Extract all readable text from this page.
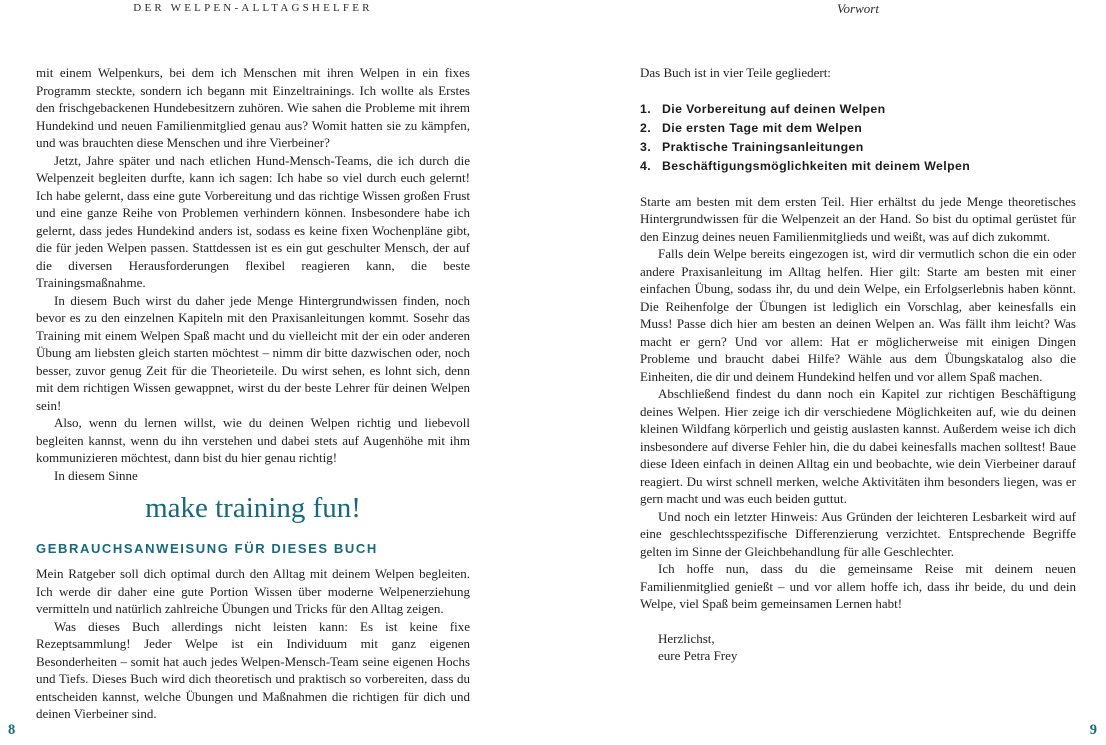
DER WELPEN-ALLTAGSHELFER	Vorwort

mit einem Welpenkurs, bei dem ich Menschen mit ihren Welpen in ein fixes Programm steckte, sondern ich begann mit Einzeltrainings. Ich wollte als Erstes den frischgebackenen Hundebesitzern zuhören. Wie sahen die Probleme mit ihrem Hundekind und neuen Familienmitglied genau aus? Womit hatten sie zu kämpfen, und was brauchten diese Menschen und ihre Vierbeiner?

Jetzt, Jahre später und nach etlichen Hund-Mensch-Teams, die ich durch die Welpenzeit begleiten durfte, kann ich sagen: Ich habe so viel durch euch gelernt! Ich habe gelernt, dass eine gute Vorbereitung und das richtige Wissen großen Frust und eine ganze Reihe von Problemen verhindern können. Insbesondere habe ich gelernt, dass jedes Hundekind anders ist, sodass es keine fixen Wochenpläne gibt, die für jeden Welpen passen. Stattdessen ist es ein gut geschulter Mensch, der auf die diversen Herausforderungen flexibel reagieren kann, die beste Trainingsmaßnahme.

In diesem Buch wirst du daher jede Menge Hintergrundwissen finden, noch bevor es zu den einzelnen Kapiteln mit den Praxisanleitungen kommt. Sosehr das Training mit einem Welpen Spaß macht und du vielleicht mit der ein oder anderen Übung am liebsten gleich starten möchtest – nimm dir bitte dazwischen oder, noch besser, zuvor genug Zeit für die Theorieteile. Du wirst sehen, es lohnt sich, denn mit dem richtigen Wissen gewappnet, wirst du der beste Lehrer für deinen Welpen sein!

Also, wenn du lernen willst, wie du deinen Welpen richtig und liebevoll begleiten kannst, wenn du ihn verstehen und dabei stets auf Augenhöhe mit ihm kommunizieren möchtest, dann bist du hier genau richtig!

In diesem Sinne

make training fun!
GEBRAUCHSANWEISUNG FÜR DIESES BUCH

Mein Ratgeber soll dich optimal durch den Alltag mit deinem Welpen begleiten. Ich werde dir daher eine gute Portion Wissen über moderne Welpenerziehung vermitteln und natürlich zahlreiche Übungen und Tricks für den Alltag zeigen.

Was dieses Buch allerdings nicht leisten kann: Es ist keine fixe Rezeptsammlung! Jeder Welpe ist ein Individuum mit ganz eigenen Besonderheiten – somit hat auch jedes Welpen-Mensch-Team seine eigenen Hochs und Tiefs. Dieses Buch wird dich theoretisch und praktisch so vorbereiten, dass du entscheiden kannst, welche Übungen und Maßnahmen die richtigen für dich und deinen Vierbeiner sind.

Das Buch ist in vier Teile gegliedert:

1. Die Vorbereitung auf deinen Welpen
2. Die ersten Tage mit dem Welpen
3. Praktische Trainingsanleitungen
4. Beschäftigungsmöglichkeiten mit deinem Welpen

Starte am besten mit dem ersten Teil. Hier erhältst du jede Menge theoretisches Hintergrundwissen für die Welpenzeit an der Hand. So bist du optimal gerüstet für den Einzug deines neuen Familienmitglieds und weißt, was auf dich zukommt.

Falls dein Welpe bereits eingezogen ist, wird dir vermutlich schon die ein oder andere Praxisanleitung im Alltag helfen. Hier gilt: Starte am besten mit einer einfachen Übung, sodass ihr, du und dein Welpe, ein Erfolgserlebnis haben könnt. Die Reihenfolge der Übungen ist lediglich ein Vorschlag, aber keinesfalls ein Muss! Passe dich hier am besten an deinen Welpen an. Was fällt ihm leicht? Was macht er gern? Und vor allem: Hat er möglicherweise mit einigen Dingen Probleme und braucht dabei Hilfe? Wähle aus dem Übungskatalog also die Einheiten, die dir und deinem Hundekind helfen und vor allem Spaß machen.

Abschließend findest du dann noch ein Kapitel zur richtigen Beschäftigung deines Welpen. Hier zeige ich dir verschiedene Möglichkeiten auf, wie du deinen kleinen Wildfang körperlich und geistig auslasten kannst. Außerdem weise ich dich insbesondere auf diverse Fehler hin, die du dabei keinesfalls machen solltest! Baue diese Ideen einfach in deinen Alltag ein und beobachte, wie dein Vierbeiner darauf reagiert. Du wirst schnell merken, welche Aktivitäten ihm besonders liegen, was er gern macht und was euch beiden guttut.

Und noch ein letzter Hinweis: Aus Gründen der leichteren Lesbarkeit wird auf eine geschlechtsspezifische Differenzierung verzichtet. Entsprechende Begriffe gelten im Sinne der Gleichbehandlung für alle Geschlechter.

Ich hoffe nun, dass du die gemeinsame Reise mit deinem neuen Familienmitglied genießt – und vor allem hoffe ich, dass ihr beide, du und dein Welpe, viel Spaß beim gemeinsamen Lernen habt!

Herzlichst,

eure Petra Frey

8	9
